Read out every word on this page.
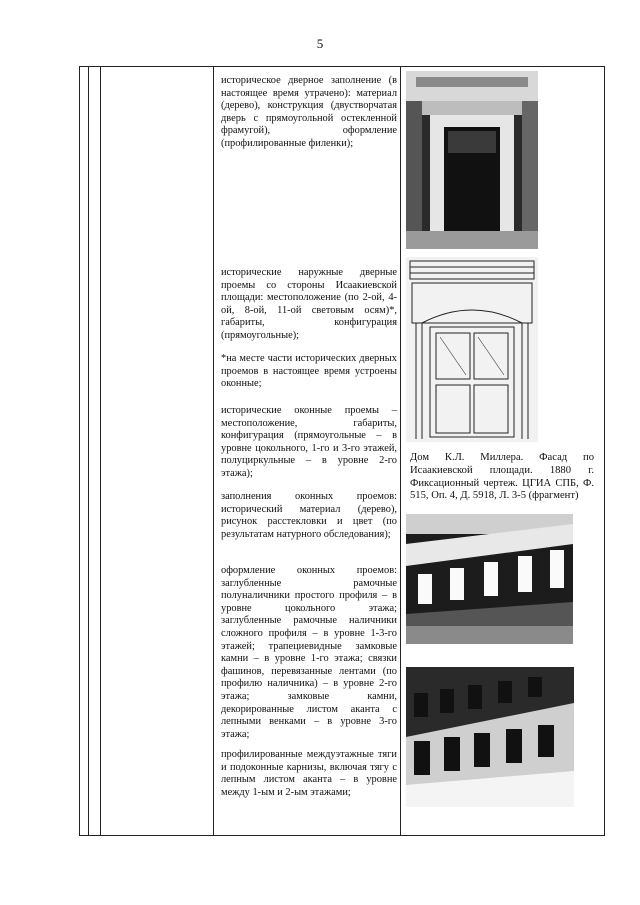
5
историческое дверное заполнение (в настоящее время утрачено): материал (дерево), конструкция (двустворчатая дверь с прямоугольной остекленной фрамугой), оформление (профилированные филенки);
исторические наружные дверные проемы со стороны Исаакиевской площади: местоположение (по 2-ой, 4-ой, 8-ой, 11-ой световым осям)*, габариты, конфигурация (прямоугольные);
*на месте части исторических дверных проемов в настоящее время устроены оконные;
исторические оконные проемы – местоположение, габариты, конфигурация (прямоугольные – в уровне цокольного, 1-го и 3-го этажей, полуциркульные – в уровне 2-го этажа);
заполнения оконных проемов: исторический материал (дерево), рисунок расстекловки и цвет (по результатам натурного обследования);
оформление оконных проемов: заглубленные рамочные полуналичники простого профиля – в уровне цокольного этажа; заглубленные рамочные наличники сложного профиля – в уровне 1-3-го этажей; трапециевидные замковые камни – в уровне 1-го этажа; связки фашинов, перевязанные лентами (по профилю наличника) – в уровне 2-го этажа; замковые камни, декорированные листом аканта с лепными венками – в уровне 3-го этажа;
профилированные междуэтажные тяги и подоконные карнизы, включая тягу с лепным листом аканта – в уровне между 1-ым и 2-ым этажами;
Дом К.Л. Миллера. Фасад по Исаакиевской площади. 1880 г. Фиксационный чертеж. ЦГИА СПБ, Ф. 515, Оп. 4, Д. 5918, Л. 3-5 (фрагмент)
